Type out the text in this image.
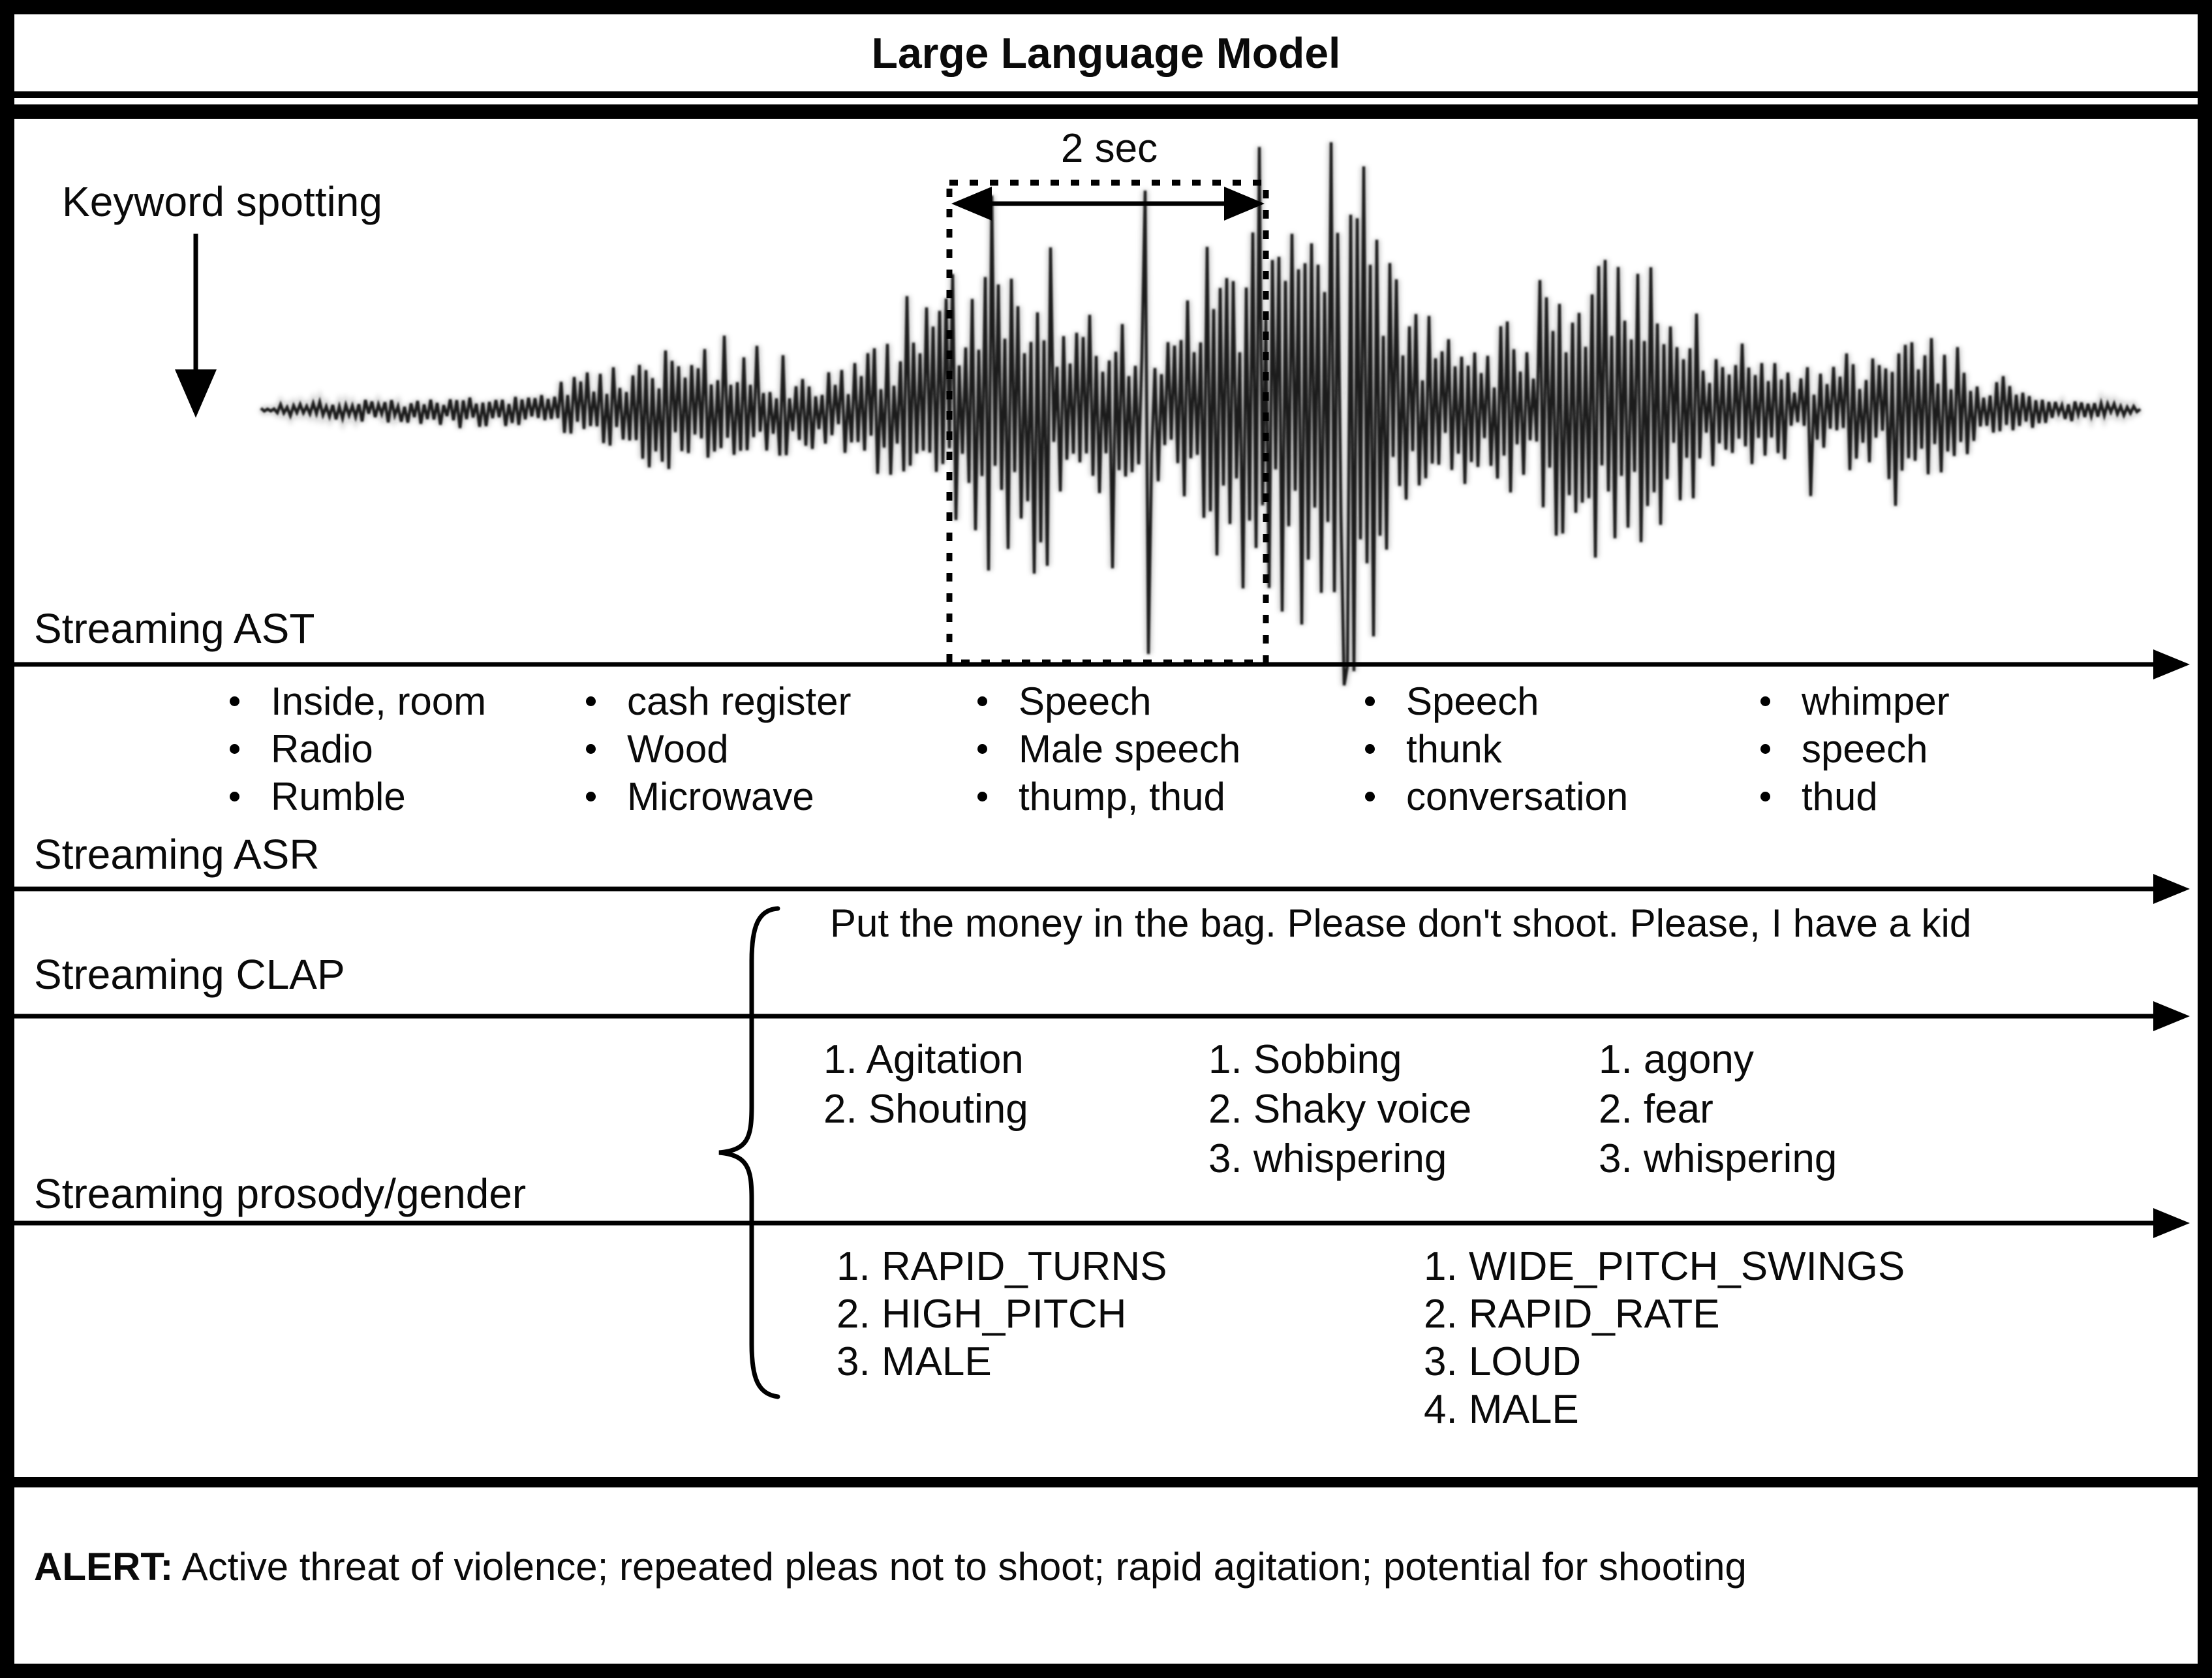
Large Language Model
Keyword spotting
2 sec
Streaming AST
Streaming ASR
Streaming CLAP
Streaming prosody/gender
Inside, room
Radio
Rumble
cash register
Wood
Microwave
Speech
Male speech
thump, thud
Speech
thunk
conversation
whimper
speech
thud
Put the money in the bag. Please don't shoot. Please, I have a kid
1. Agitation
2. Shouting
1. Sobbing
2. Shaky voice
3. whispering
1. agony
2. fear
3. whispering
1. RAPID_TURNS
2. HIGH_PITCH
3. MALE
1. WIDE_PITCH_SWINGS
2. RAPID_RATE
3. LOUD
4. MALE
ALERT: Active threat of violence; repeated pleas not to shoot; rapid agitation; potential for shooting
